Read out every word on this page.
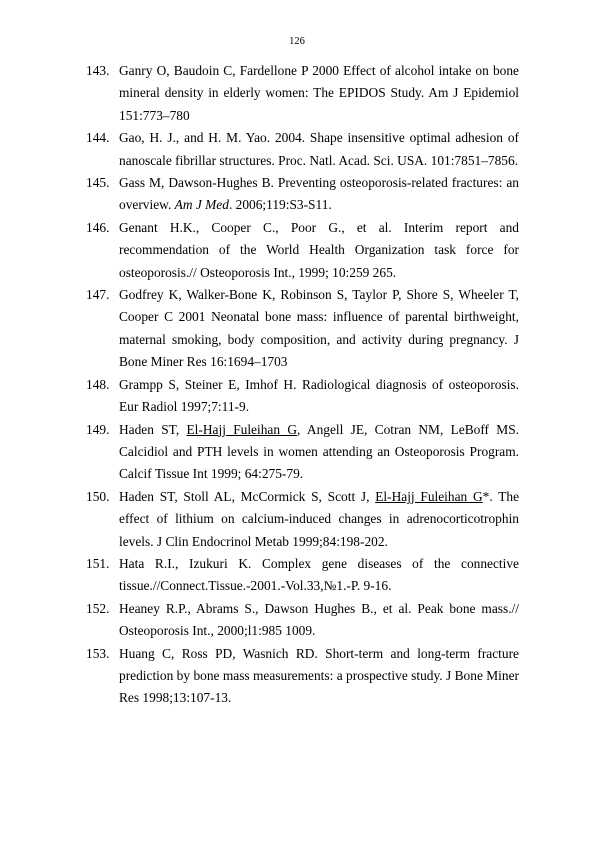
126
143. Ganry O, Baudoin C, Fardellone P 2000 Effect of alcohol intake on bone mineral density in elderly women: The EPIDOS Study. Am J Epidemiol 151:773–780
144. Gao, H. J., and H. M. Yao. 2004. Shape insensitive optimal adhesion of nanoscale fibrillar structures. Proc. Natl. Acad. Sci. USA. 101:7851–7856.
145. Gass M, Dawson-Hughes B. Preventing osteoporosis-related fractures: an overview. Am J Med. 2006;119:S3-S11.
146. Genant H.K., Cooper C., Poor G., et al. Interim report and recommendation of the World Health Organization task force for osteoporosis.// Osteoporosis Int., 1999; 10:259 265.
147. Godfrey K, Walker-Bone K, Robinson S, Taylor P, Shore S, Wheeler T, Cooper C 2001 Neonatal bone mass: influence of parental birthweight, maternal smoking, body composition, and activity during pregnancy. J Bone Miner Res 16:1694–1703
148. Grampp S, Steiner E, Imhof H. Radiological diagnosis of osteoporosis. Eur Radiol 1997;7:11-9.
149. Haden ST, El-Hajj Fuleihan G, Angell JE, Cotran NM, LeBoff MS. Calcidiol and PTH levels in women attending an Osteoporosis Program. Calcif Tissue Int 1999; 64:275-79.
150. Haden ST, Stoll AL, McCormick S, Scott J, El-Hajj Fuleihan G*. The effect of lithium on calcium-induced changes in adrenocorticotrophin levels. J Clin Endocrinol Metab 1999;84:198-202.
151. Hata R.I., Izukuri K. Complex gene diseases of the connective tissue.//Connect.Tissue.-2001.-Vol.33,№1.-P. 9-16.
152. Heaney R.P., Abrams S., Dawson Hughes B., et al. Peak bone mass.// Osteoporosis Int., 2000;l1:985 1009.
153. Huang C, Ross PD, Wasnich RD. Short-term and long-term fracture prediction by bone mass measurements: a prospective study. J Bone Miner Res 1998;13:107-13.
